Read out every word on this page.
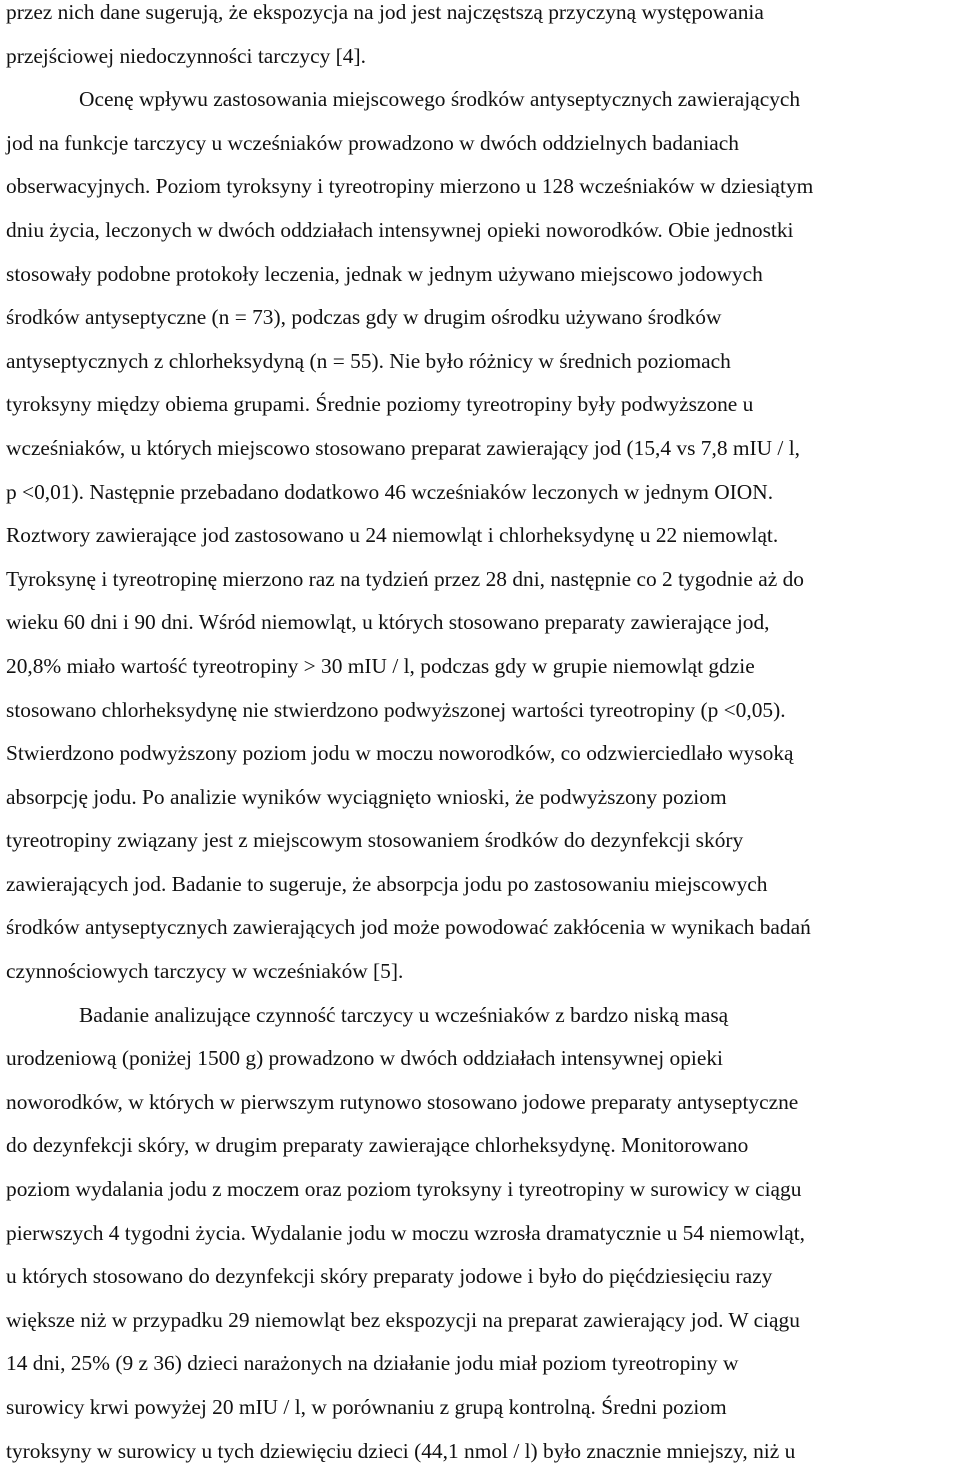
przez nich dane sugerują, że ekspozycja na jod jest najczęstszą przyczyną występowania
przejściowej niedoczynności tarczycy [4].
Ocenę wpływu zastosowania miejscowego środków antyseptycznych zawierających
jod na funkcje tarczycy u wcześniaków prowadzono w dwóch oddzielnych badaniach
obserwacyjnych. Poziom tyroksyny i tyreotropiny mierzono u 128 wcześniaków w dziesiątym
dniu życia, leczonych w dwóch oddziałach intensywnej opieki noworodków. Obie jednostki
stosowały podobne protokoły leczenia, jednak w jednym używano miejscowo jodowych
środków antyseptyczne (n = 73), podczas gdy w drugim ośrodku używano środków
antyseptycznych z chlorheksydyną (n = 55). Nie było różnicy w średnich poziomach
tyroksyny między obiema grupami. Średnie poziomy tyreotropiny były podwyższone u
wcześniaków, u których miejscowo stosowano preparat zawierający jod (15,4 vs 7,8 mIU / l,
p <0,01). Następnie przebadano dodatkowo 46 wcześniaków leczonych w jednym OION.
Roztwory zawierające jod zastosowano u 24 niemowląt i chlorheksydynę u 22 niemowląt.
Tyroksynę i tyreotropinę mierzono raz na tydzień przez 28 dni, następnie co 2 tygodnie aż do
wieku 60 dni i 90 dni. Wśród niemowląt, u których stosowano preparaty zawierające jod,
20,8% miało wartość tyreotropiny > 30 mIU / l, podczas gdy w grupie niemowląt gdzie
stosowano chlorheksydynę nie stwierdzono podwyższonej wartości tyreotropiny (p <0,05).
Stwierdzono podwyższony poziom jodu w moczu noworodków, co odzwierciedlało wysoką
absorpcję jodu. Po analizie wyników wyciągnięto wnioski, że podwyższony poziom
tyreotropiny związany jest z miejscowym stosowaniem środków do dezynfekcji skóry
zawierających jod. Badanie to sugeruje, że absorpcja jodu po zastosowaniu miejscowych
środków antyseptycznych zawierających jod może powodować zakłócenia w wynikach badań
czynnościowych tarczycy w wcześniaków [5].
Badanie analizujące czynność tarczycy u wcześniaków z bardzo niską masą
urodzeniową (poniżej 1500 g) prowadzono w dwóch oddziałach intensywnej opieki
noworodków, w których w pierwszym rutynowo stosowano jodowe preparaty antyseptyczne
do dezynfekcji skóry, w drugim preparaty zawierające chlorheksydynę. Monitorowano
poziom wydalania jodu z moczem oraz poziom tyroksyny i tyreotropiny w surowicy w ciągu
pierwszych 4 tygodni życia. Wydalanie jodu w moczu wzrosła dramatycznie u 54 niemowląt,
u których stosowano do dezynfekcji skóry preparaty jodowe i było do pięćdziesięciu razy
większe niż w przypadku 29 niemowląt bez ekspozycji na preparat zawierający jod. W ciągu
14 dni, 25% (9 z 36) dzieci narażonych na działanie jodu miał poziom tyreotropiny w
surowicy krwi powyżej 20 mIU / l, w porównaniu z grupą kontrolną. Średni poziom
tyroksyny w surowicy u tych dziewięciu dzieci (44,1 nmol / l) było znacznie mniejszy, niż u
